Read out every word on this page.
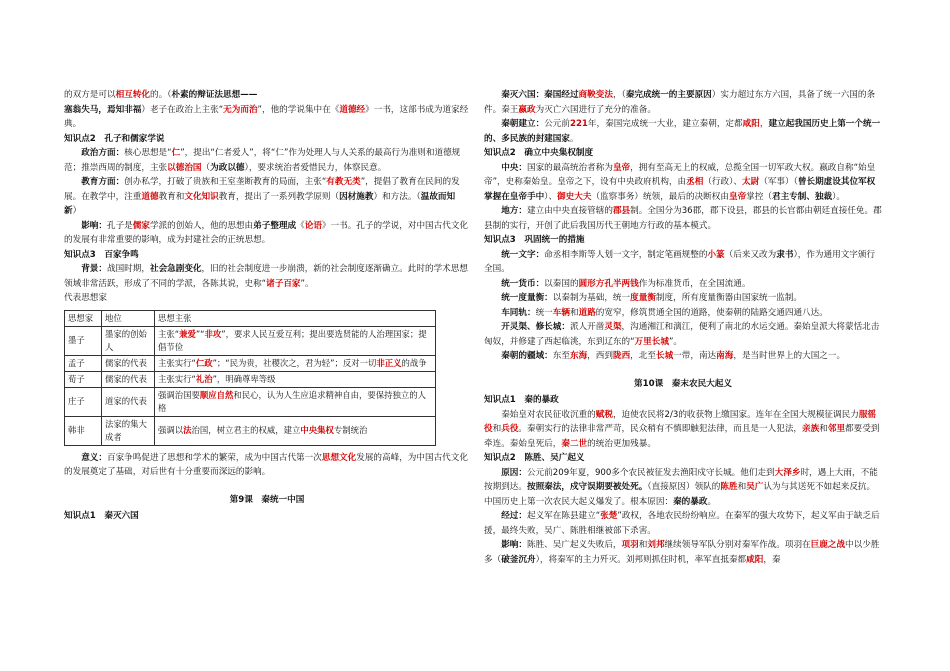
的双方是可以相互转化的。（朴素的辩证法思想——

塞翁失马，焉知非福）老子在政治上主张“无为而治”，他的学说集中在《道德经》一书，这部书成为道家经典。

知识点2　孔子和儒家学说

政治方面：核心思想是“仁”，提出“仁者爱人”，将“仁”作为处理人与人关系的最高行为准则和道德规范；推崇西周的制度，主张以德治国（为政以德），要求统治者爱惜民力，体察民意。

教育方面：创办私学，打破了贵族和王室垄断教育的局面，主张“有教无类”，提倡了教育在民间的发展。在教学中，注重道德教育和文化知识教育，提出了一系列教学原则（因材施教）和方法。（温故而知新）

影响：孔子是儒家学派的创始人，他的思想由弟子整理成《论语》一书。孔子的学说，对中国古代文化的发展有非常重要的影响，成为封建社会的正统思想。

知识点3　百家争鸣

背景：战国时期，社会急剧变化，旧的社会制度进一步崩溃，新的社会制度逐渐确立。此时的学术思想领域非常活跃，形成了不同的学派，各陈其说，史称“诸子百家”。

代表思想家

思想家	地位	思想主张
墨子	墨家的创始人	主张“兼爱”“非攻”，要求人民互爱互利；提出要选贤能的人治理国家；提倡节俭
孟子	儒家的代表	主张实行“仁政”；“民为贵，社稷次之，君为轻”；反对一切非正义的战争
荀子	儒家的代表	主张实行“礼治”，明确尊卑等级
庄子	道家的代表	强调治国要顺应自然和民心，认为人生应追求精神自由，要保持独立的人格
韩非	法家的集大成者	强调以法治国，树立君主的权威，建立中央集权专制统治

意义：百家争鸣促进了思想和学术的繁荣，成为中国古代第一次思想文化发展的高峰，为中国古代文化的发展奠定了基础，对后世有十分重要而深远的影响。

第9课　秦统一中国

知识点1　秦灭六国

秦灭六国：秦国经过商鞅变法，（秦完成统一的主要原因）实力超过东方六国，具备了统一六国的条件。秦王嬴政为灭亡六国进行了充分的准备。

秦朝建立：公元前221年，秦国完成统一大业，建立秦朝，定都咸阳，建立起我国历史上第一个统一的、多民族的封建国家。

知识点2　确立中央集权制度

中央：国家的最高统治者称为皇帝，拥有至高无上的权威，总揽全国一切军政大权。嬴政自称“始皇帝”，史称秦始皇。皇帝之下，设有中央政府机构，由丞相（行政）、太尉（军事）（曾长期虚设其位军权掌握在皇帝手中）、御史大夫（监察事务）统领，最后的决断权由皇帝掌控（君主专制、独裁）。

地方：建立由中央直接管辖的郡县制。全国分为36郡，郡下设县，郡县的长官都由朝廷直接任免。郡县制的实行，开创了此后我国历代王朝地方行政的基本模式。

知识点3　巩固统一的措施

统一文字：命丞相李斯等人划一文字，制定笔画规整的小篆（后来又改为隶书），作为通用文字颁行全国。

统一货币：以秦国的圆形方孔半两钱作为标准货币，在全国流通。

统一度量衡：以秦制为基础，统一度量衡制度，所有度量衡器由国家统一监制。

车同轨：统一车辆和道路的宽窄，修筑贯通全国的道路，使秦朝的陆路交通四通八达。

开灵渠、修长城：派人开凿灵渠，沟通湘江和漓江，便利了南北的水运交通。秦始皇派大将蒙恬北击匈奴，并修建了西起临洮，东到辽东的“万里长城”。

秦朝的疆域：东至东海，西到陇西，北至长城一带，南达南海，是当时世界上的大国之一。

第10课　秦末农民大起义

知识点1　秦的暴政

秦始皇对农民征收沉重的赋税，迫使农民将2/3的收获物上缴国家。连年在全国大规模征调民力服徭役和兵役。秦朝实行的法律非常严苛，民众稍有不慎即触犯法律，而且是一人犯法，亲族和邻里都要受到牵连。秦始皇死后，秦二世的统治更加残暴。

知识点2　陈胜、吴广起义

原因：公元前209年夏，900多个农民被征发去渔阳戍守长城。他们走到大泽乡时，遇上大雨，不能按期到达。按照秦法，戍守误期要被处死。（直接原因）领队的陈胜和吴广认为与其送死不如起来反抗。中国历史上第一次农民大起义爆发了。根本原因：秦的暴政。

经过：起义军在陈县建立“张楚”政权，各地农民纷纷响应。在秦军的强大攻势下，起义军由于缺乏后援，最终失败，吴广、陈胜相继被部下杀害。

影响：陈胜、吴广起义失败后，项羽和刘邦继续领导军队分别对秦军作战。项羽在巨鹿之战中以少胜多（破釜沉舟），将秦军的主力歼灭。刘邦则抓住时机，率军直抵秦都咸阳，秦
